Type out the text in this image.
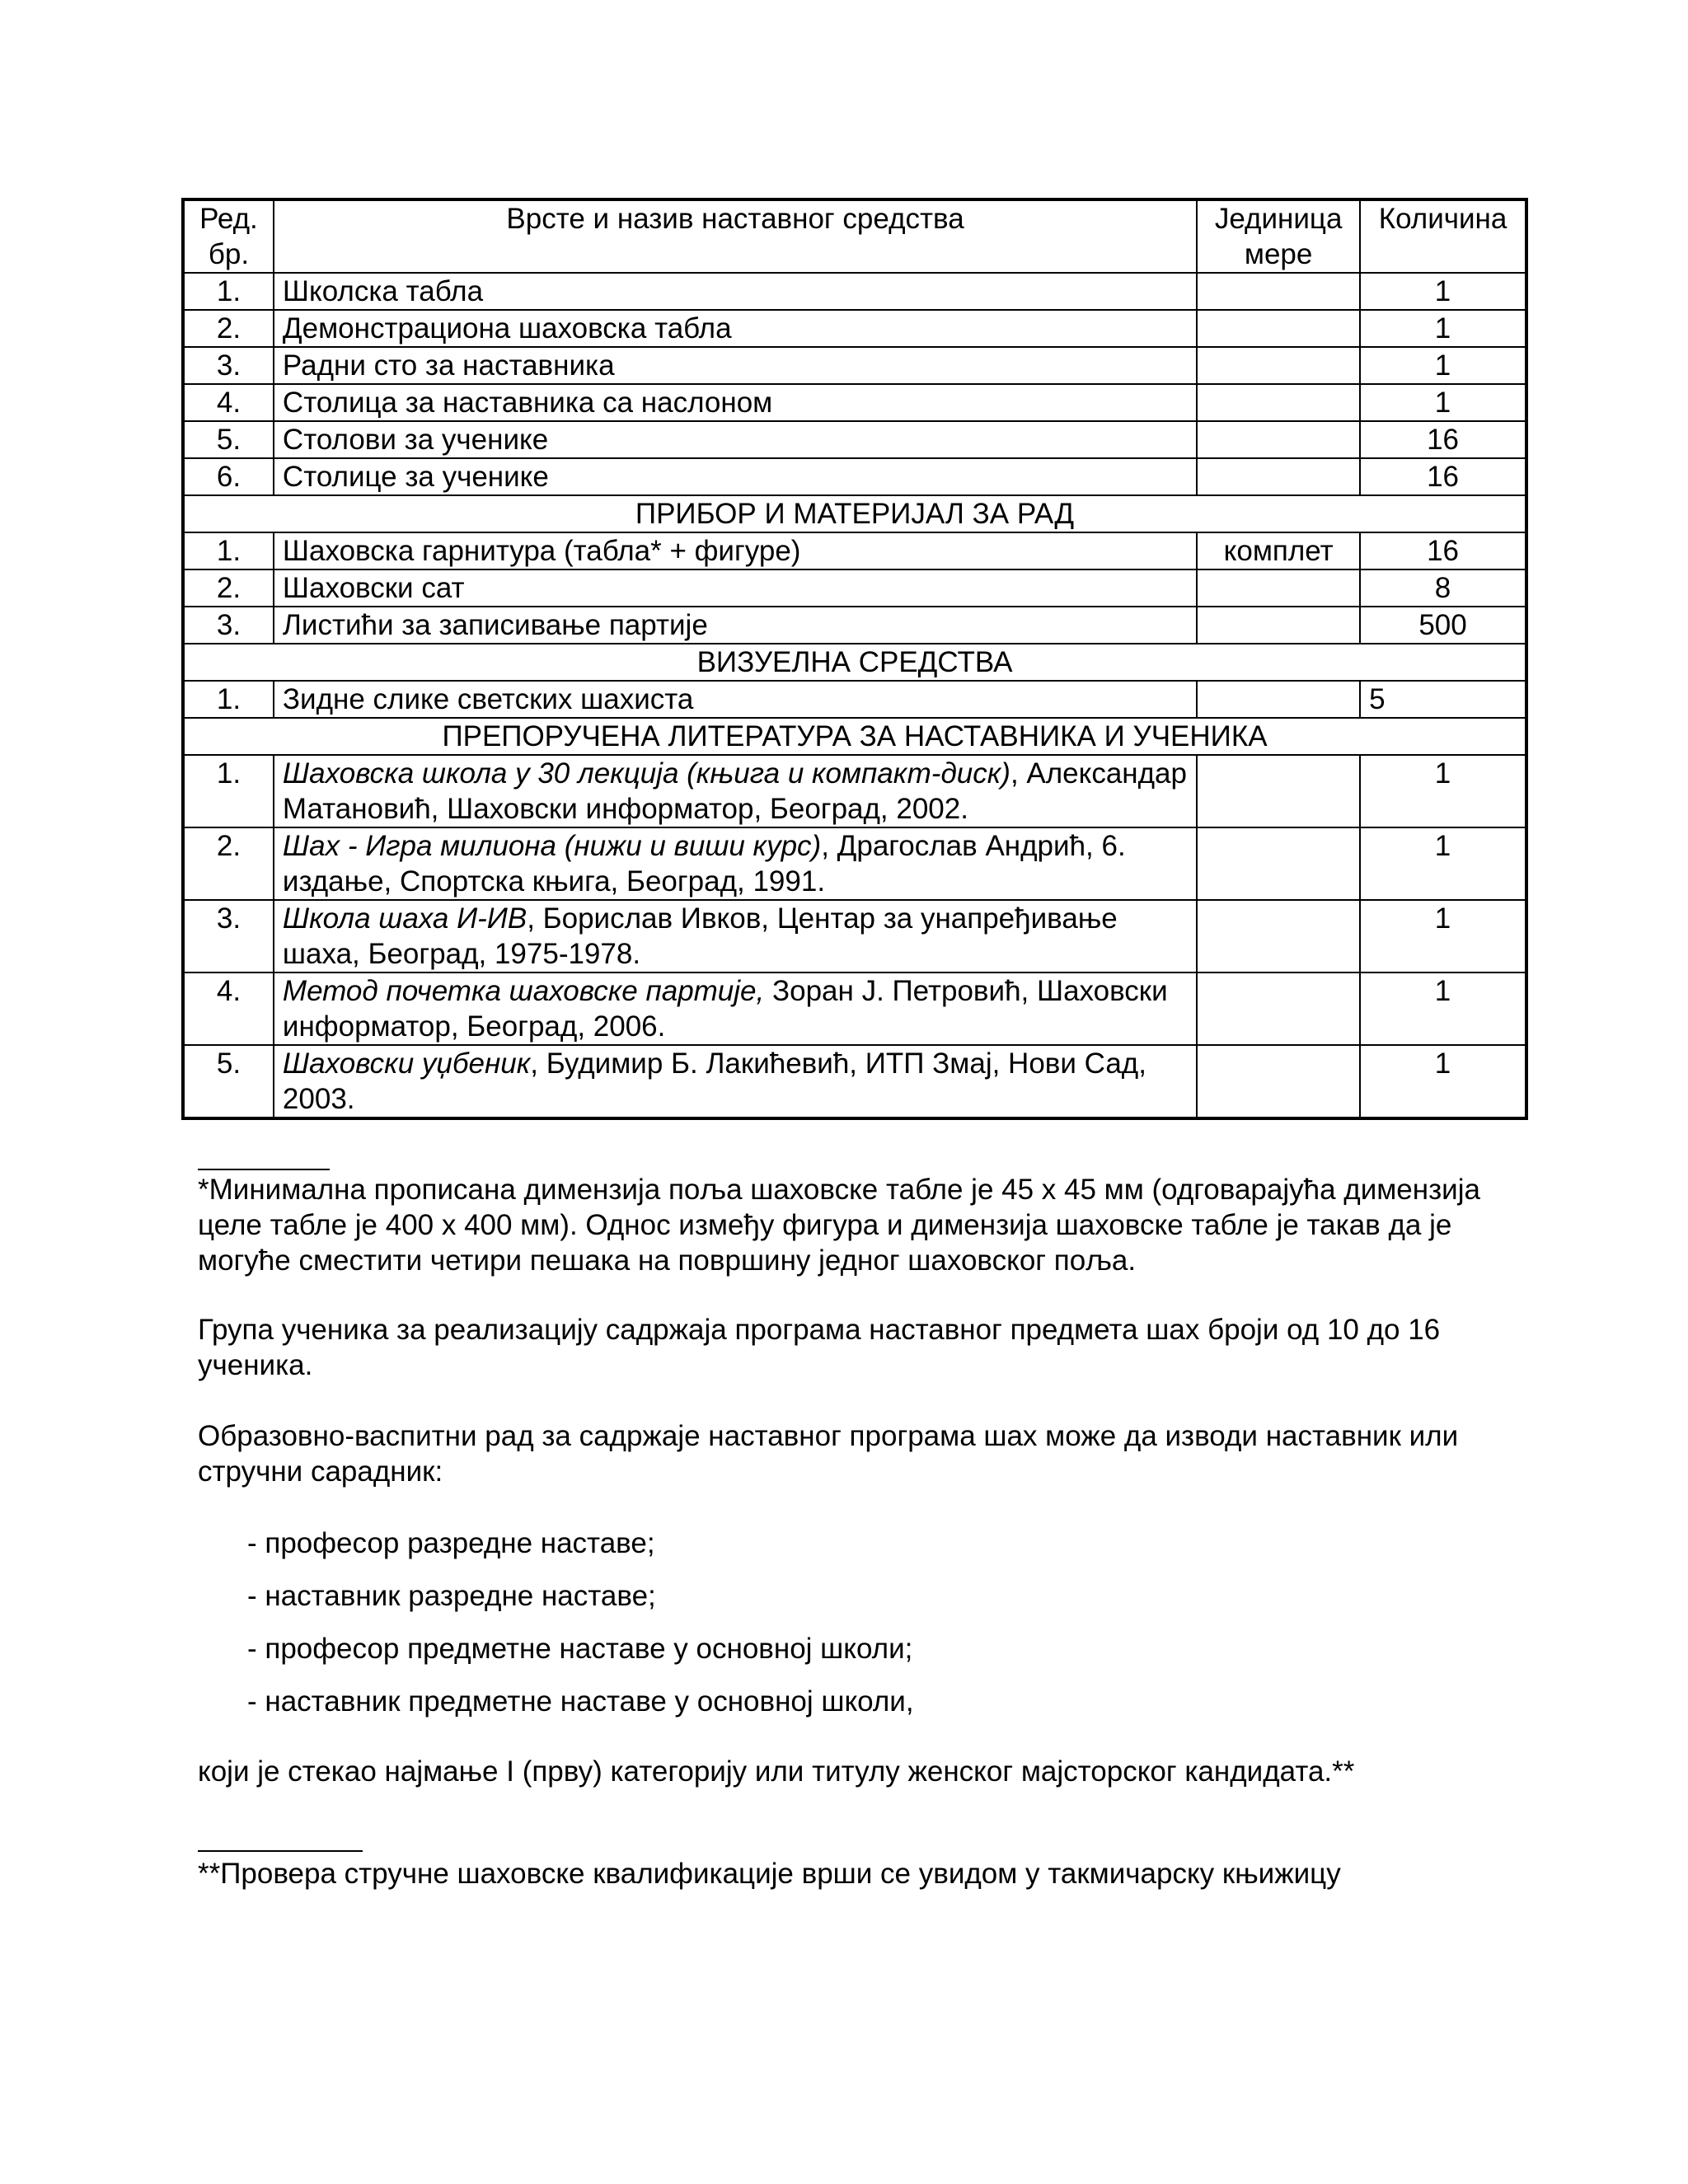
Ред. бр.	Врсте и назив наставног средства	Јединица мере	Количина
1.	Школска табла		1
2.	Демонстрациона шаховска табла		1
3.	Радни сто за наставника		1
4.	Столица за наставника са наслоном		1
5.	Столови за ученике		16
6.	Столице за ученике		16
ПРИБОР И МАТЕРИЈАЛ ЗА РАД			
1.	Шаховска гарнитура (табла* + фигуре)	комплет	16
2.	Шаховски сат		8
3.	Листићи за записивање партије		500
ВИЗУЕЛНА СРЕДСТВА			
1.	Зидне слике светских шахиста		5
ПРЕПОРУЧЕНА ЛИТЕРАТУРА ЗА НАСТАВНИКА И УЧЕНИКА			
1.	Шаховска школа у 30 лекција (књига и компакт-диск), Александар Матановић, Шаховски информатор, Београд, 2002.		1
2.	Шах - Игра милиона (нижи и виши курс), Драгослав Андрић, 6. издање, Спортска књига, Београд, 1991.		1
3.	Школа шаха И-ИВ, Борислав Ивков, Центар за унапређивање шаха, Београд, 1975-1978.		1
4.	Метод почетка шаховске партије, Зоран Ј. Петровић, Шаховски информатор, Београд, 2006.		1
5.	Шаховски уџбеник, Будимир Б. Лакићевић, ИТП Змај, Нови Сад, 2003.		1
*Минимална прописана димензија поља шаховске табле је 45 x 45 мм (одговарајућа димензија целе табле је 400 x 400 мм). Однос између фигура и димензија шаховске табле је такав да је могуће сместити четири пешака на површину једног шаховског поља.
Група ученика за реализацију садржаја програма наставног предмета шах броји од 10 до 16 ученика.
Образовно-васпитни рад за садржаје наставног програма шах може да изводи наставник или стручни сарадник:
- професор разредне наставе;
- наставник разредне наставе;
- професор предметне наставе у основној школи;
- наставник предметне наставе у основној школи,
који је стекао најмање I (прву) категорију или титулу женског мајсторског кандидата.**
**Провера стручне шаховске квалификације врши се увидом у такмичарску књижицу
